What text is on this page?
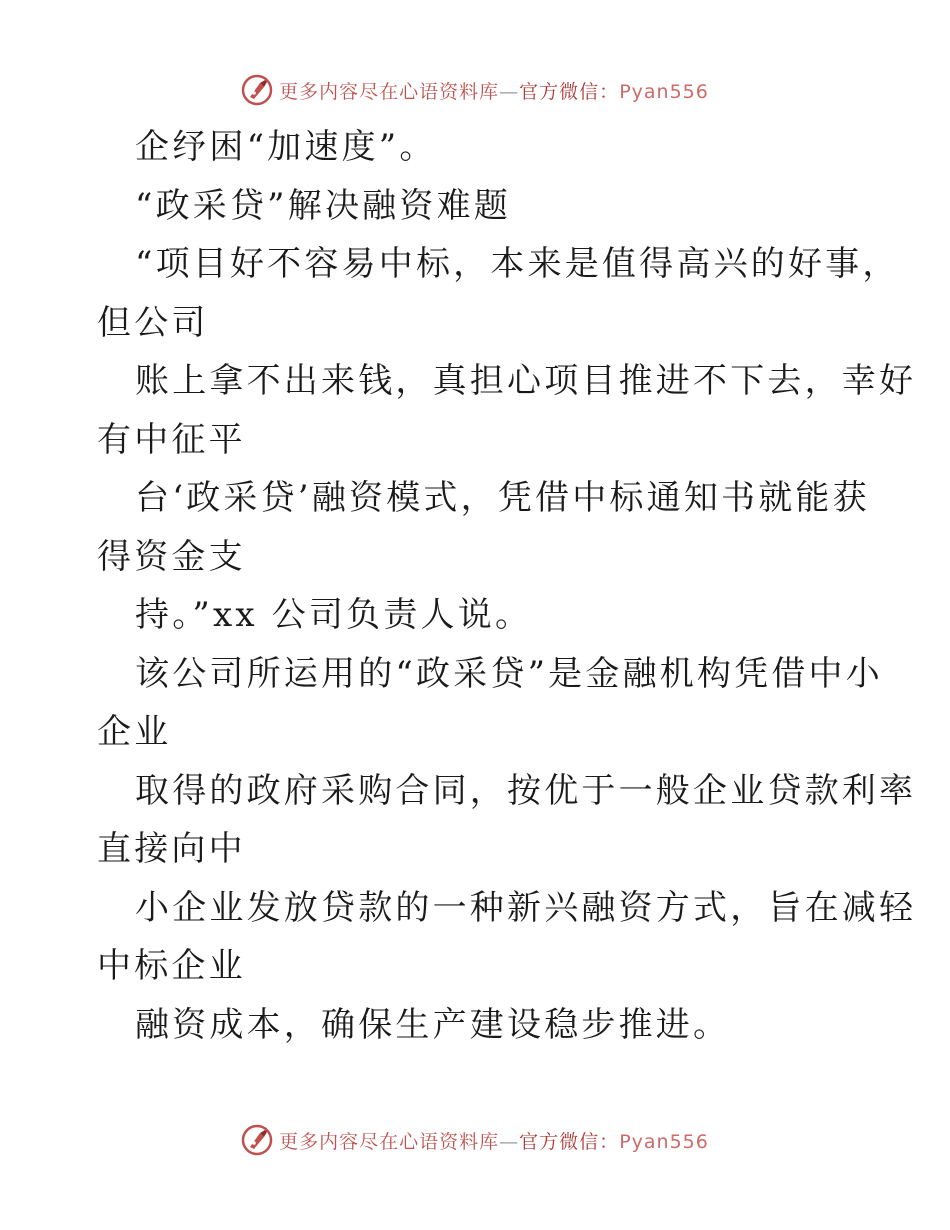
更多内容尽在心语资料库—官方微信：Pyan556
企纾困“加速度”。
“政采贷”解决融资难题
“项目好不容易中标，本来是值得高兴的好事，
但公司
账上拿不出来钱，真担心项目推进不下去，幸好
有中征平
台‘政采贷’融资模式，凭借中标通知书就能获
得资金支
持。”xx 公司负责人说。
该公司所运用的“政采贷”是金融机构凭借中小
企业
取得的政府采购合同，按优于一般企业贷款利率
直接向中
小企业发放贷款的一种新兴融资方式，旨在减轻
中标企业
融资成本，确保生产建设稳步推进。
更多内容尽在心语资料库—官方微信：Pyan556
